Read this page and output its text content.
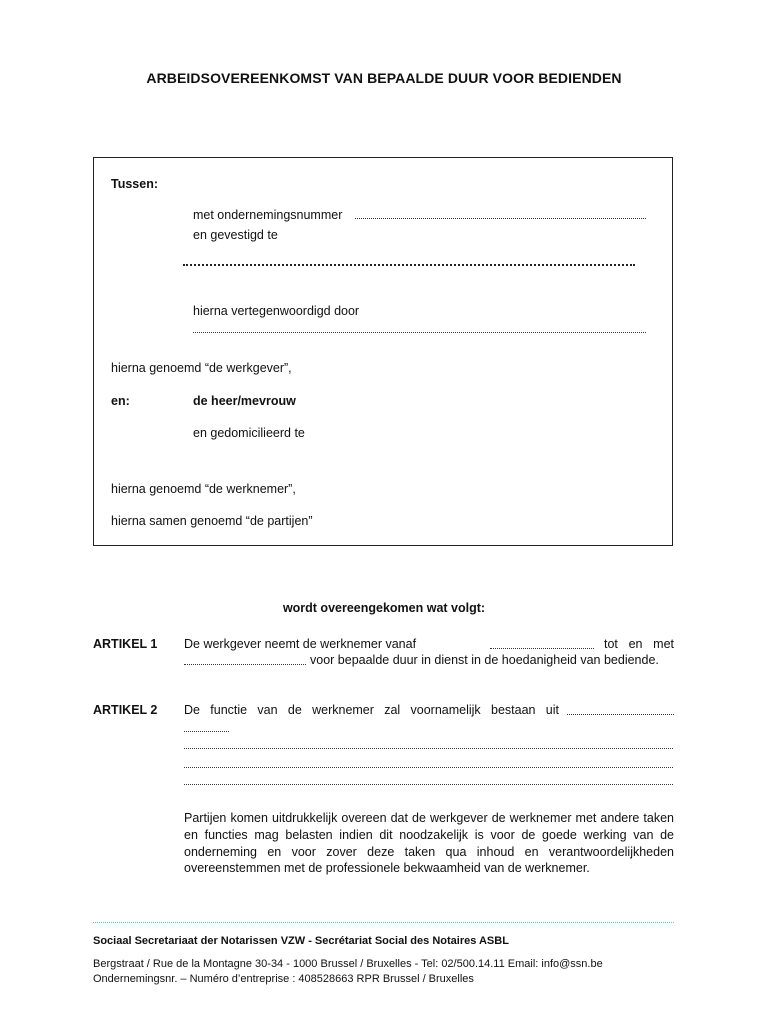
ARBEIDSOVEREENKOMST VAN BEPAALDE DUUR VOOR BEDIENDEN
Tussen:
met ondernemingsnummer
en gevestigd te
hierna vertegenwoordigd door
hierna genoemd “de werkgever”,
en:	de heer/mevrouw
en gedomicilieerd te
hierna genoemd “de werknemer”,
hierna samen genoemd “de partijen”
wordt overeengekomen wat volgt:
ARTIKEL 1 De werkgever neemt de werknemer vanaf	tot en met
voor bepaalde duur in dienst in de hoedanigheid van bediende.
ARTIKEL 2 De functie van de werknemer zal voornamelijk bestaan uit
Partijen komen uitdrukkelijk overeen dat de werkgever de werknemer met andere taken en functies mag belasten indien dit noodzakelijk is voor de goede werking van de onderneming en voor zover deze taken qua inhoud en verantwoordelijkheden overeenstemmen met de professionele bekwaamheid van de werknemer.
Sociaal Secretariaat der Notarissen VZW - Secrétariat Social des Notaires ASBL
Bergstraat / Rue de la Montagne 30-34 - 1000 Brussel / Bruxelles - Tel: 02/500.14.11 Email: info@ssn.be
Ondernemingsnr. – Numéro d’entreprise : 408528663 RPR Brussel / Bruxelles
